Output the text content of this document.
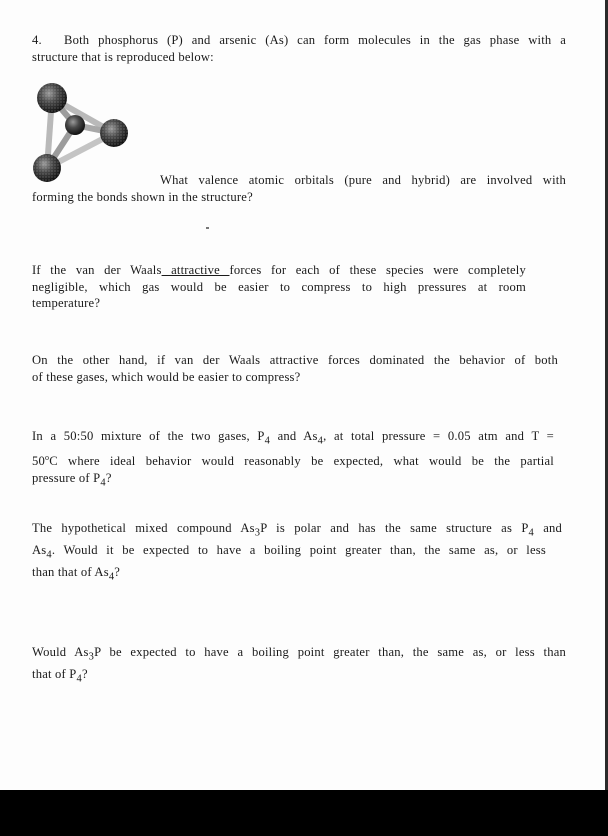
4. Both phosphorus (P) and arsenic (As) can form molecules in the gas phase with a
structure that is reproduced below:
What valence atomic orbitals (pure and hybrid) are involved with
forming the bonds shown in the structure?
If the van der Waals attractive forces for each of these species were completely
negligible, which gas would be easier to compress to high pressures at room
temperature?
On the other hand, if van der Waals attractive forces dominated the behavior of both
of these gases, which would be easier to compress?
In a 50:50 mixture of the two gases, $P_4$ and $As_4$, at total pressure = 0.05 atm and T =
$50^oC$ where ideal behavior would reasonably be expected, what would be the partial
pressure of $P_4$?
The hypothetical mixed compound $As_3P$ is polar and has the same structure as $P_4$ and
$As_4$. Would it be expected to have a boiling point greater than, the same as, or less
than that of $As_4$?
Would $As_3P$ be expected to have a boiling point greater than, the same as, or less than
that of $P_4$?
